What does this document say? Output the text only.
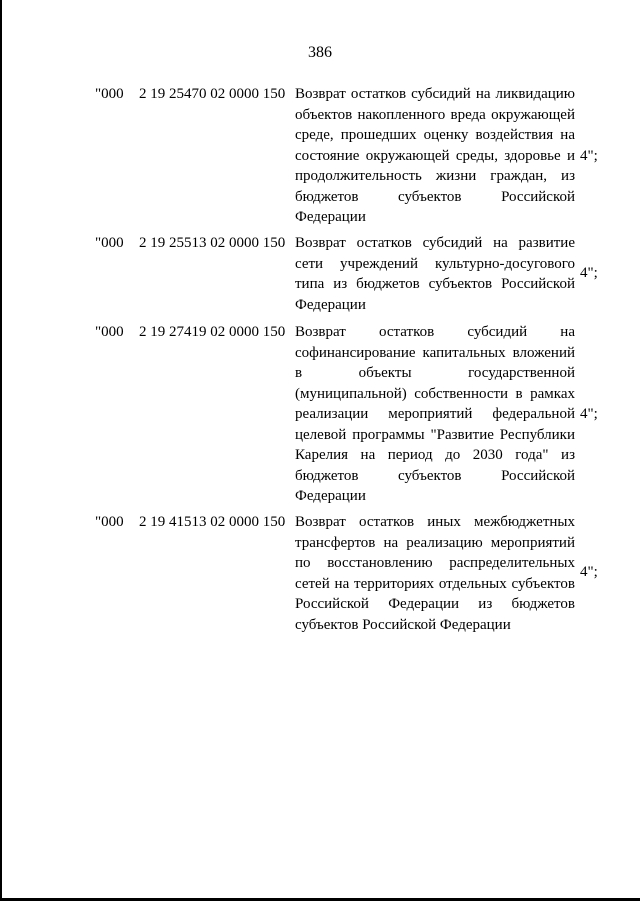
386
"000 2 19 25470 02 0000 150 Возврат остатков субсидий на ликвидацию объектов накопленного вреда окружающей среде, прошедших оценку воздействия на состояние окружающей среды, здоровье и продолжительность жизни граждан, из бюджетов субъектов Российской Федерации
4";
"000 2 19 25513 02 0000 150 Возврат остатков субсидий на развитие сети учреждений культурно-досугового типа из бюджетов субъектов Российской Федерации
4";
"000 2 19 27419 02 0000 150 Возврат остатков субсидий на софинансирование капитальных вложений в объекты государственной (муниципальной) собственности в рамках реализации мероприятий федеральной целевой программы "Развитие Республики Карелия на период до 2030 года" из бюджетов субъектов Российской Федерации
4";
"000 2 19 41513 02 0000 150 Возврат остатков иных межбюджетных трансфертов на реализацию мероприятий по восстановлению распределительных сетей на территориях отдельных субъектов Российской Федерации из бюджетов субъектов Российской Федерации
4";
